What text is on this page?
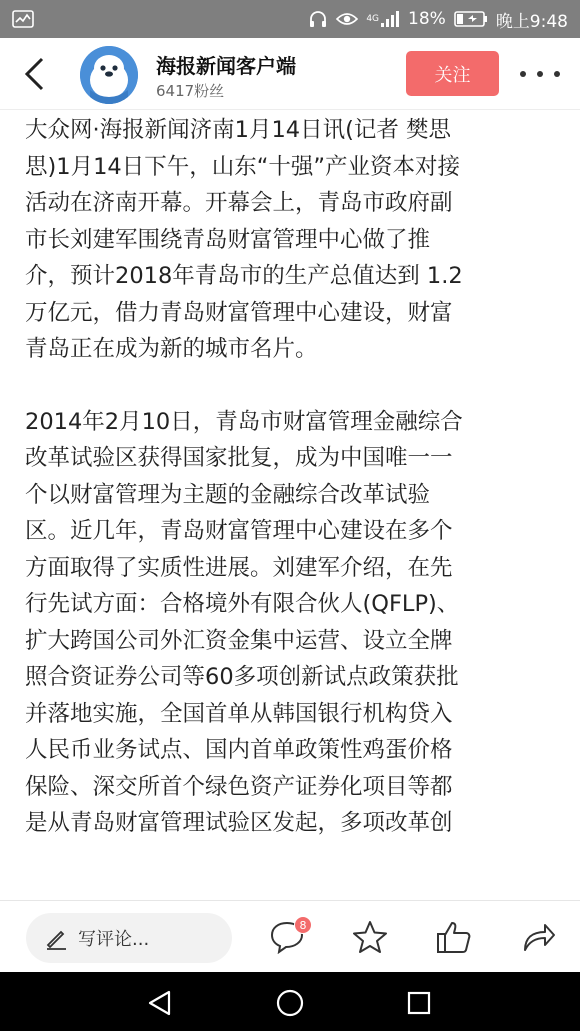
4G 18%	晚上9:48
海报新闻客户端
6417粉丝
关注

大众网·海报新闻济南1月14日讯(记者 樊思
思)1月14日下午，山东“十强”产业资本对接
活动在济南开幕。开幕会上，青岛市政府副
市长刘建军围绕青岛财富管理中心做了推
介，预计2018年青岛市的生产总值达到 1.2
万亿元，借力青岛财富管理中心建设，财富
青岛正在成为新的城市名片。

2014年2月10日，青岛市财富管理金融综合
改革试验区获得国家批复，成为中国唯一一
个以财富管理为主题的金融综合改革试验
区。近几年，青岛财富管理中心建设在多个
方面取得了实质性进展。刘建军介绍，在先
行先试方面：合格境外有限合伙人(QFLP)、
扩大跨国公司外汇资金集中运营、设立全牌
照合资证券公司等60多项创新试点政策获批
并落地实施，全国首单从韩国银行机构贷入
人民币业务试点、国内首单政策性鸡蛋价格
保险、深交所首个绿色资产证券化项目等都
是从青岛财富管理试验区发起，多项改革创

写评论...
8
